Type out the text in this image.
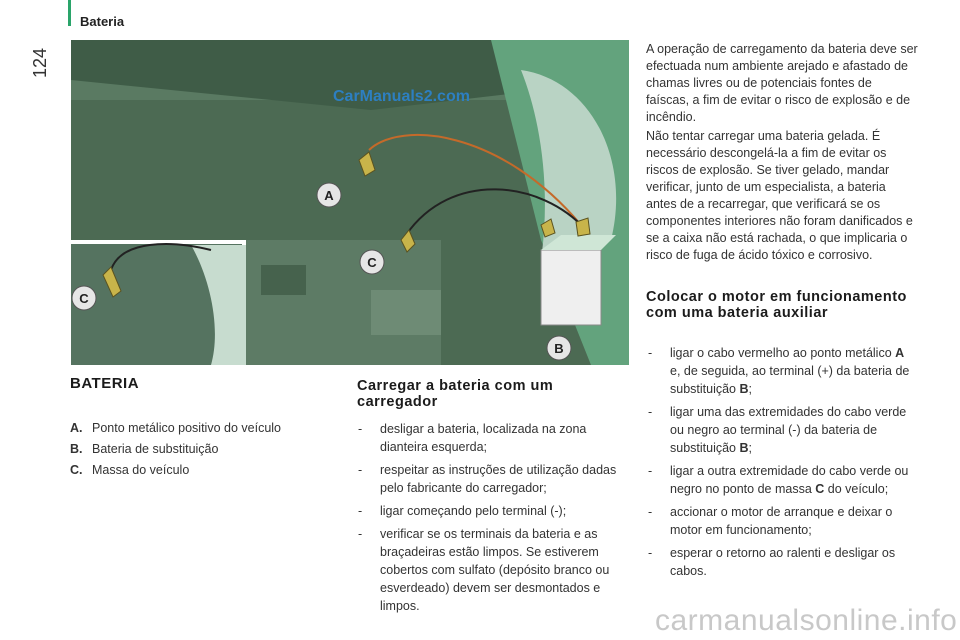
Bateria
124
A
B
C
C
CarManuals2.com
BATERIA
A. Ponto metálico positivo do veículo
B. Bateria de substituição
C. Massa do veículo
Carregar a bateria com um carregador
-	desligar a bateria, localizada na zona dianteira esquerda;
-	respeitar as instruções de utilização dadas pelo fabricante do carregador;
-	ligar começando pelo terminal (-);
-	verificar se os terminais da bateria e as braçadeiras estão limpos. Se estiverem cobertos com sulfato (depósito branco ou esverdeado) devem ser desmontados e limpos.

A operação de carregamento da bateria deve ser efectuada num ambiente arejado e afastado de chamas livres ou de potenciais fontes de faíscas, a fim de evitar o risco de explosão e de incêndio.

Não tentar carregar uma bateria gelada. É necessário descongelá-la a fim de evitar os riscos de explosão. Se tiver gelado, mandar verificar, junto de um especialista, a bateria antes de a recarregar, que verificará se os componentes interiores não foram danificados e se a caixa não está rachada, o que implicaria o risco de fuga de ácido tóxico e corrosivo.

Colocar o motor em funcionamento com uma bateria auxiliar
-	ligar o cabo vermelho ao ponto metálico A e, de seguida, ao terminal (+) da bateria de substituição B;
-	ligar uma das extremidades do cabo verde ou negro ao terminal (-) da bateria de substituição B;
-	ligar a outra extremidade do cabo verde ou negro no ponto de massa C do veículo;
-	accionar o motor de arranque e deixar o motor em funcionamento;
-	esperar o retorno ao ralenti e desligar os cabos.
carmanualsonline.info
